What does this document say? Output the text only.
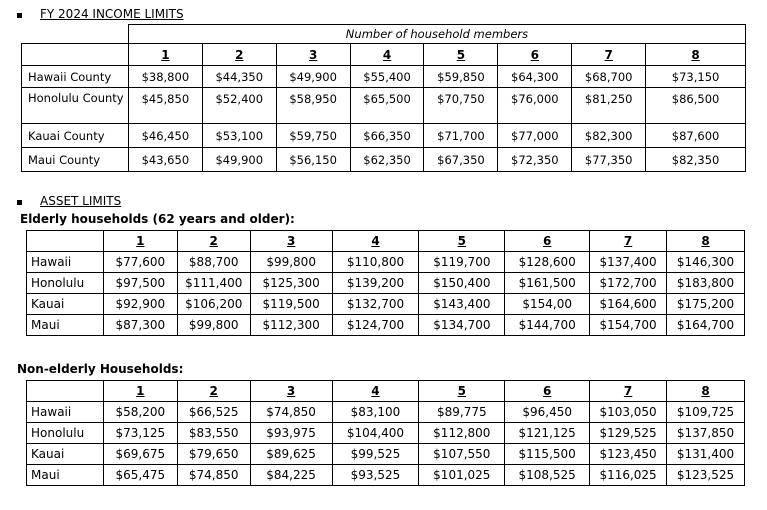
FY 2024 INCOME LIMITS
	Number of household members							
	1	2	3	4	5	6	7	8
Hawaii County	$38,800	$44,350	$49,900	$55,400	$59,850	$64,300	$68,700	$73,150
Honolulu County	$45,850	$52,400	$58,950	$65,500	$70,750	$76,000	$81,250	$86,500
Kauai County	$46,450	$53,100	$59,750	$66,350	$71,700	$77,000	$82,300	$87,600
Maui County	$43,650	$49,900	$56,150	$62,350	$67,350	$72,350	$77,350	$82,350
ASSET LIMITS
Elderly households (62 years and older):
	1	2	3	4	5	6	7	8
Hawaii	$77,600	$88,700	$99,800	$110,800	$119,700	$128,600	$137,400	$146,300
Honolulu	$97,500	$111,400	$125,300	$139,200	$150,400	$161,500	$172,700	$183,800
Kauai	$92,900	$106,200	$119,500	$132,700	$143,400	$154,00	$164,600	$175,200
Maui	$87,300	$99,800	$112,300	$124,700	$134,700	$144,700	$154,700	$164,700
Non-elderly Households:
	1	2	3	4	5	6	7	8
Hawaii	$58,200	$66,525	$74,850	$83,100	$89,775	$96,450	$103,050	$109,725
Honolulu	$73,125	$83,550	$93,975	$104,400	$112,800	$121,125	$129,525	$137,850
Kauai	$69,675	$79,650	$89,625	$99,525	$107,550	$115,500	$123,450	$131,400
Maui	$65,475	$74,850	$84,225	$93,525	$101,025	$108,525	$116,025	$123,525
